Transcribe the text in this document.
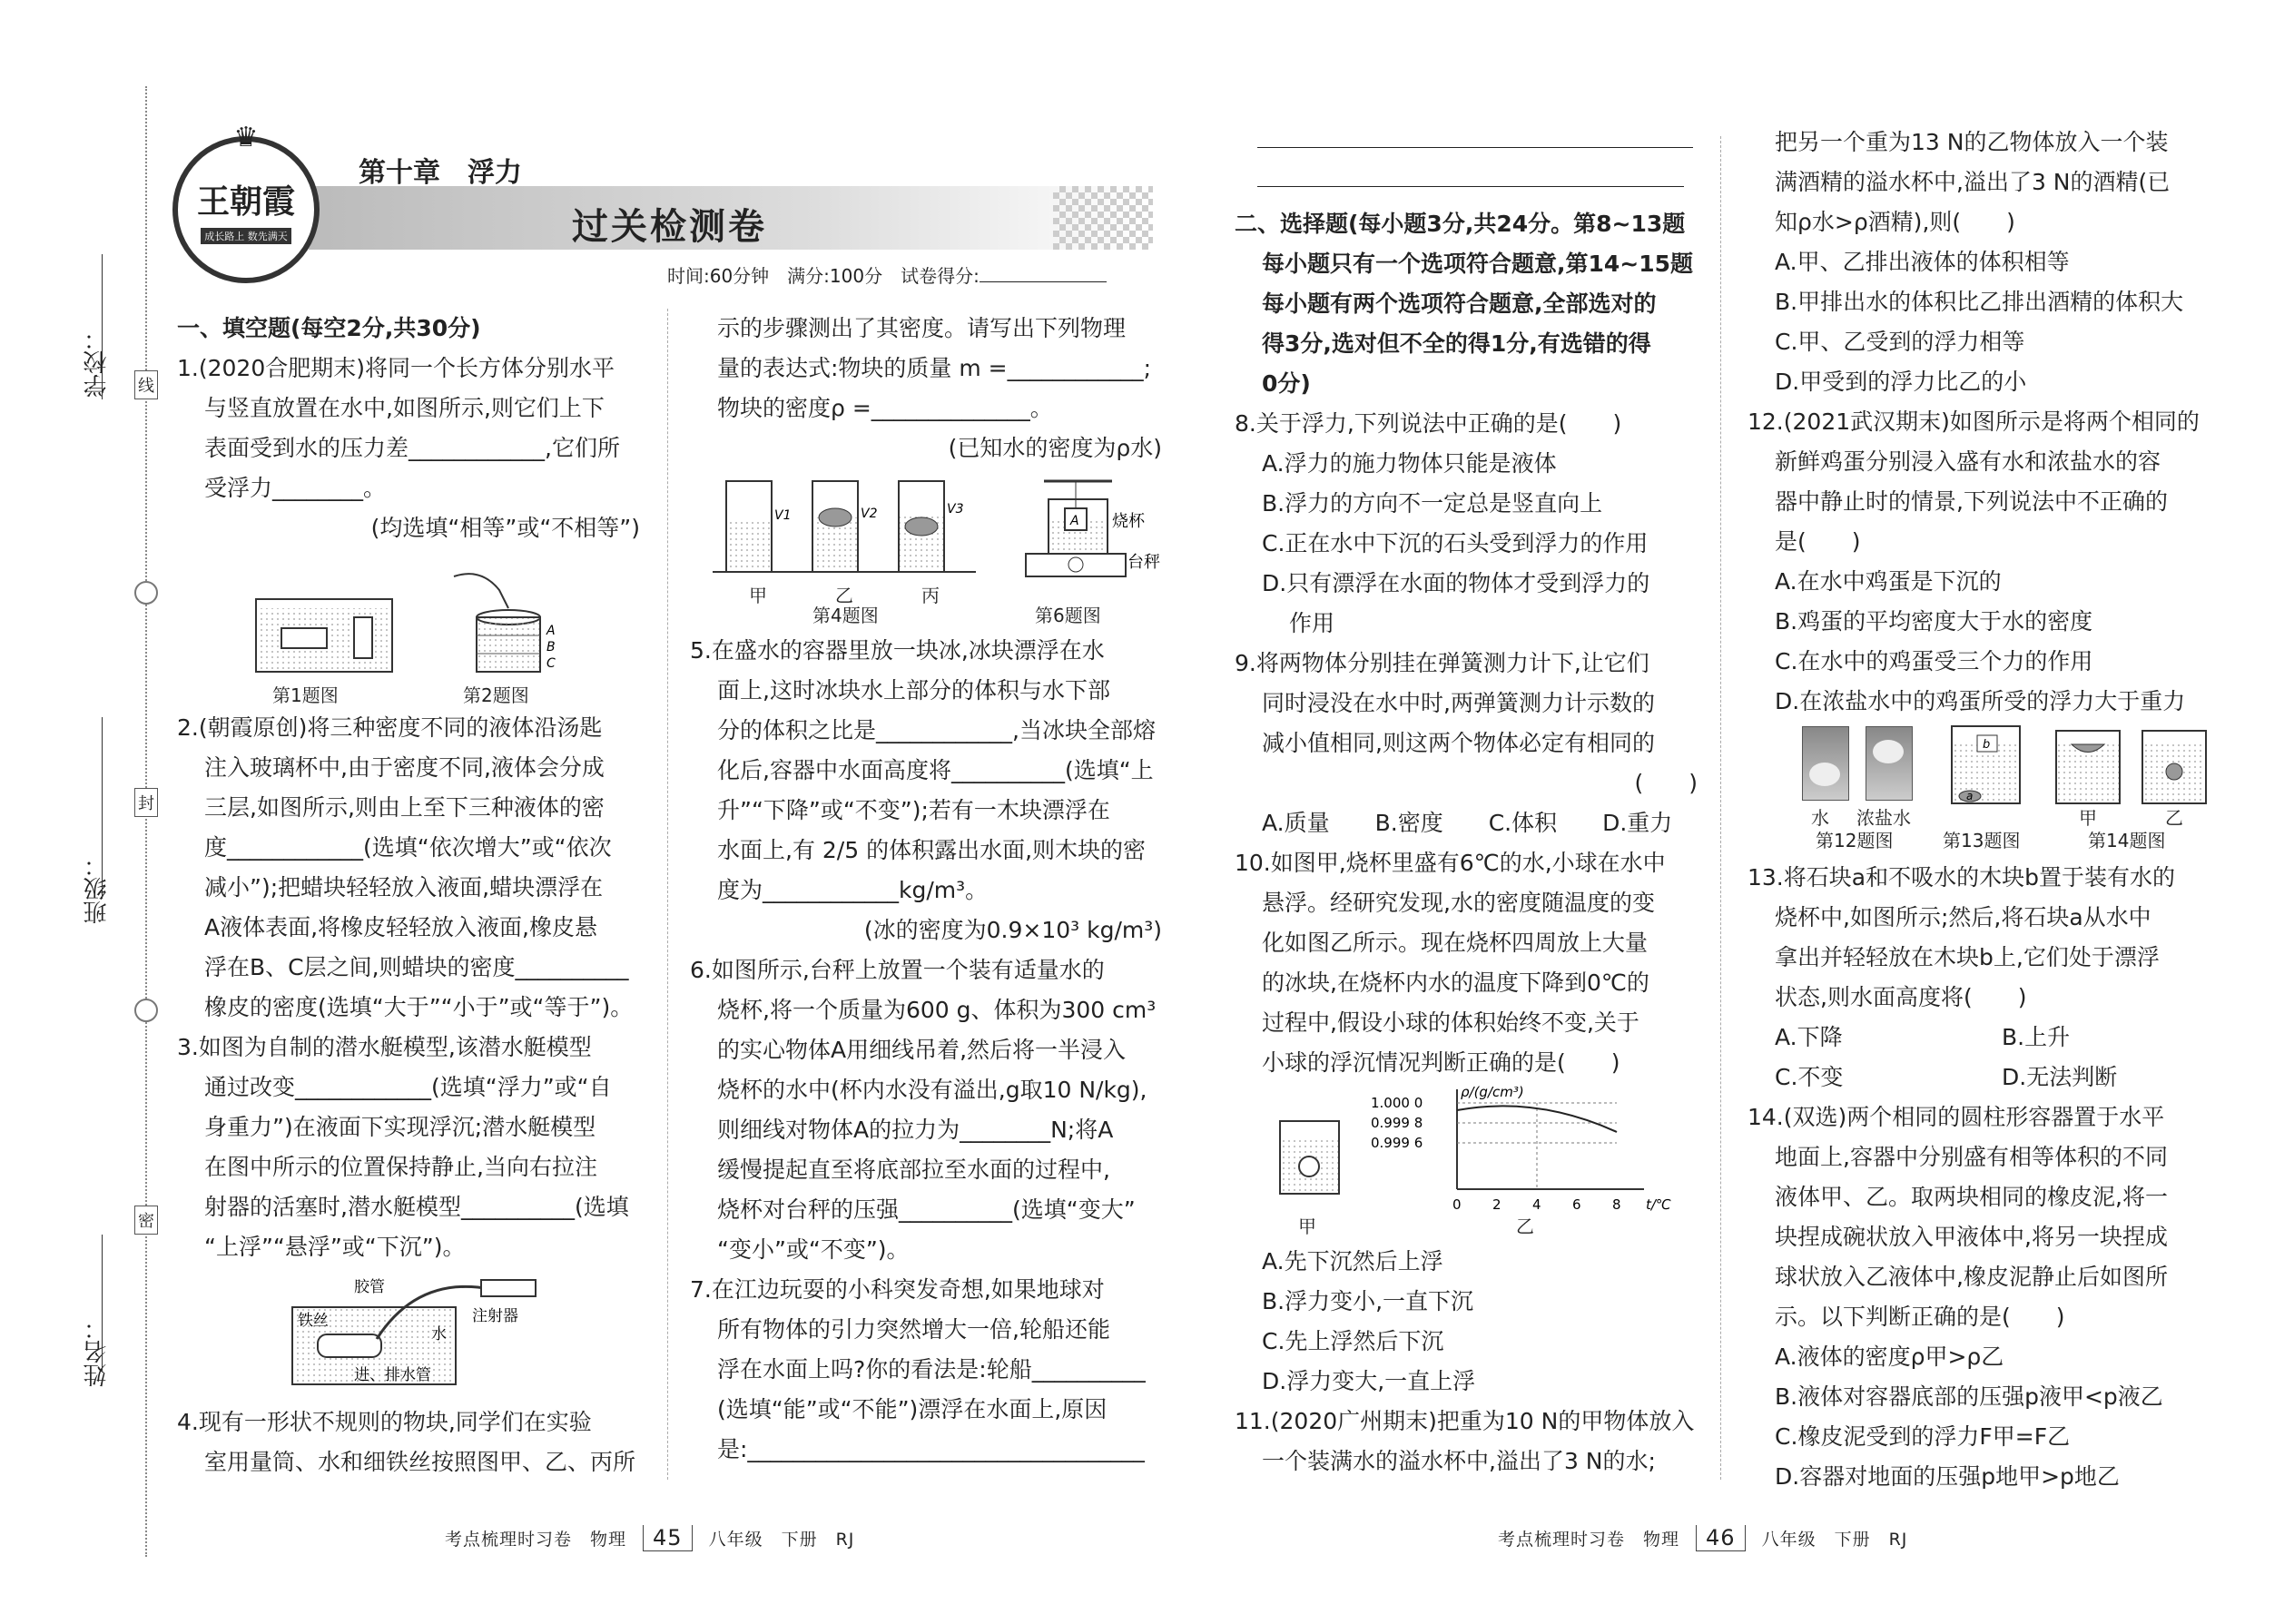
学校：
班级：
姓名：
线
封
密
♛
王朝霞
成长路上 数先满天
第十章　浮力
过关检测卷
时间:60分钟　满分:100分　试卷得分:

一、填空题(每空2分,共30分)

1.(2020合肥期末)将同一个长方体分别水平

与竖直放置在水中,如图所示,则它们上下

表面受到水的压力差____________,它们所

受浮力________。

(均选填“相等”或“不相等”)

第1题图
A
B
C
第2题图

2.(朝霞原创)将三种密度不同的液体沿汤匙

注入玻璃杯中,由于密度不同,液体会分成

三层,如图所示,则由上至下三种液体的密

度____________(选填“依次增大”或“依次

减小”);把蜡块轻轻放入液面,蜡块漂浮在

A液体表面,将橡皮轻轻放入液面,橡皮悬

浮在B、C层之间,则蜡块的密度__________

橡皮的密度(选填“大于”“小于”或“等于”)。

3.如图为自制的潜水艇模型,该潜水艇模型

通过改变____________(选填“浮力”或“自

身重力”)在液面下实现浮沉;潜水艇模型

在图中所示的位置保持静止,当向右拉注

射器的活塞时,潜水艇模型__________(选填

“上浮”“悬浮”或“下沉”)。

胶管
铁丝	注射器
水
进、排水管

4.现有一形状不规则的物块,同学们在实验

室用量筒、水和细铁丝按照图甲、乙、丙所

示的步骤测出了其密度。请写出下列物理

量的表达式:物块的质量 m =____________;

物块的密度ρ =______________。

(已知水的密度为ρ水)

V1	V2	V3
甲	乙	丙
第4题图
A 烧杯
台秤
第6题图

5.在盛水的容器里放一块冰,冰块漂浮在水

面上,这时冰块水上部分的体积与水下部

分的体积之比是____________,当冰块全部熔

化后,容器中水面高度将__________(选填“上

升”“下降”或“不变”);若有一木块漂浮在

水面上,有 2/5 的体积露出水面,则木块的密

度为____________kg/m³。

(冰的密度为0.9×10³ kg/m³)

6.如图所示,台秤上放置一个装有适量水的

烧杯,将一个质量为600 g、体积为300 cm³

的实心物体A用细线吊着,然后将一半浸入

烧杯的水中(杯内水没有溢出,g取10 N/kg),

则细线对物体A的拉力为________N;将A

缓慢提起直至将底部拉至水面的过程中,

烧杯对台秤的压强__________(选填“变大”

“变小”或“不变”)。

7.在江边玩耍的小科突发奇想,如果地球对

所有物体的引力突然增大一倍,轮船还能

浮在水面上吗?你的看法是:轮船__________

(选填“能”或“不能”)漂浮在水面上,原因

是:___________________________________

二、选择题(每小题3分,共24分。第8~13题

每小题只有一个选项符合题意,第14~15题

每小题有两个选项符合题意,全部选对的

得3分,选对但不全的得1分,有选错的得

0分)

8.关于浮力,下列说法中正确的是(　　)

A.浮力的施力物体只能是液体

B.浮力的方向不一定总是竖直向上

C.正在水中下沉的石头受到浮力的作用

D.只有漂浮在水面的物体才受到浮力的

作用

9.将两物体分别挂在弹簧测力计下,让它们

同时浸没在水中时,两弹簧测力计示数的

减小值相同,则这两个物体必定有相同的

(　　)

A.质量　　B.密度　　C.体积　　D.重力

10.如图甲,烧杯里盛有6℃的水,小球在水中

悬浮。经研究发现,水的密度随温度的变

化如图乙所示。现在烧杯四周放上大量

的冰块,在烧杯内水的温度下降到0℃的

过程中,假设小球的体积始终不变,关于

小球的浮沉情况判断正确的是(　　)

甲
0 2 4 6 8 t/℃
ρ/(g/cm³)
1.000 0
0.999 8
0.999 6
乙

A.先下沉然后上浮

B.浮力变小,一直下沉

C.先上浮然后下沉

D.浮力变大,一直上浮

11.(2020广州期末)把重为10 N的甲物体放入

一个装满水的溢水杯中,溢出了3 N的水;

把另一个重为13 N的乙物体放入一个装

满酒精的溢水杯中,溢出了3 N的酒精(已

知ρ水>ρ酒精),则(　　)

A.甲、乙排出液体的体积相等

B.甲排出水的体积比乙排出酒精的体积大

C.甲、乙受到的浮力相等

D.甲受到的浮力比乙的小

12.(2021武汉期末)如图所示是将两个相同的

新鲜鸡蛋分别浸入盛有水和浓盐水的容

器中静止时的情景,下列说法中不正确的

是(　　)

A.在水中鸡蛋是下沉的

B.鸡蛋的平均密度大于水的密度

C.在水中的鸡蛋受三个力的作用

D.在浓盐水中的鸡蛋所受的浮力大于重力

水 浓盐水
第12题图
b
a
第13题图
甲	乙
第14题图

13.将石块a和不吸水的木块b置于装有水的

烧杯中,如图所示;然后,将石块a从水中

拿出并轻轻放在木块b上,它们处于漂浮

状态,则水面高度将(　　)

A.下降	B.上升

C.不变	D.无法判断

14.(双选)两个相同的圆柱形容器置于水平

地面上,容器中分别盛有相等体积的不同

液体甲、乙。取两块相同的橡皮泥,将一

块捏成碗状放入甲液体中,将另一块捏成

球状放入乙液体中,橡皮泥静止后如图所

示。以下判断正确的是(　　)

A.液体的密度ρ甲>ρ乙

B.液体对容器底部的压强p液甲<p液乙

C.橡皮泥受到的浮力F甲=F乙

D.容器对地面的压强p地甲>p地乙

考点梳理时习卷　物理 45 八年级　下册　RJ	考点梳理时习卷　物理 46 八年级　下册　RJ
